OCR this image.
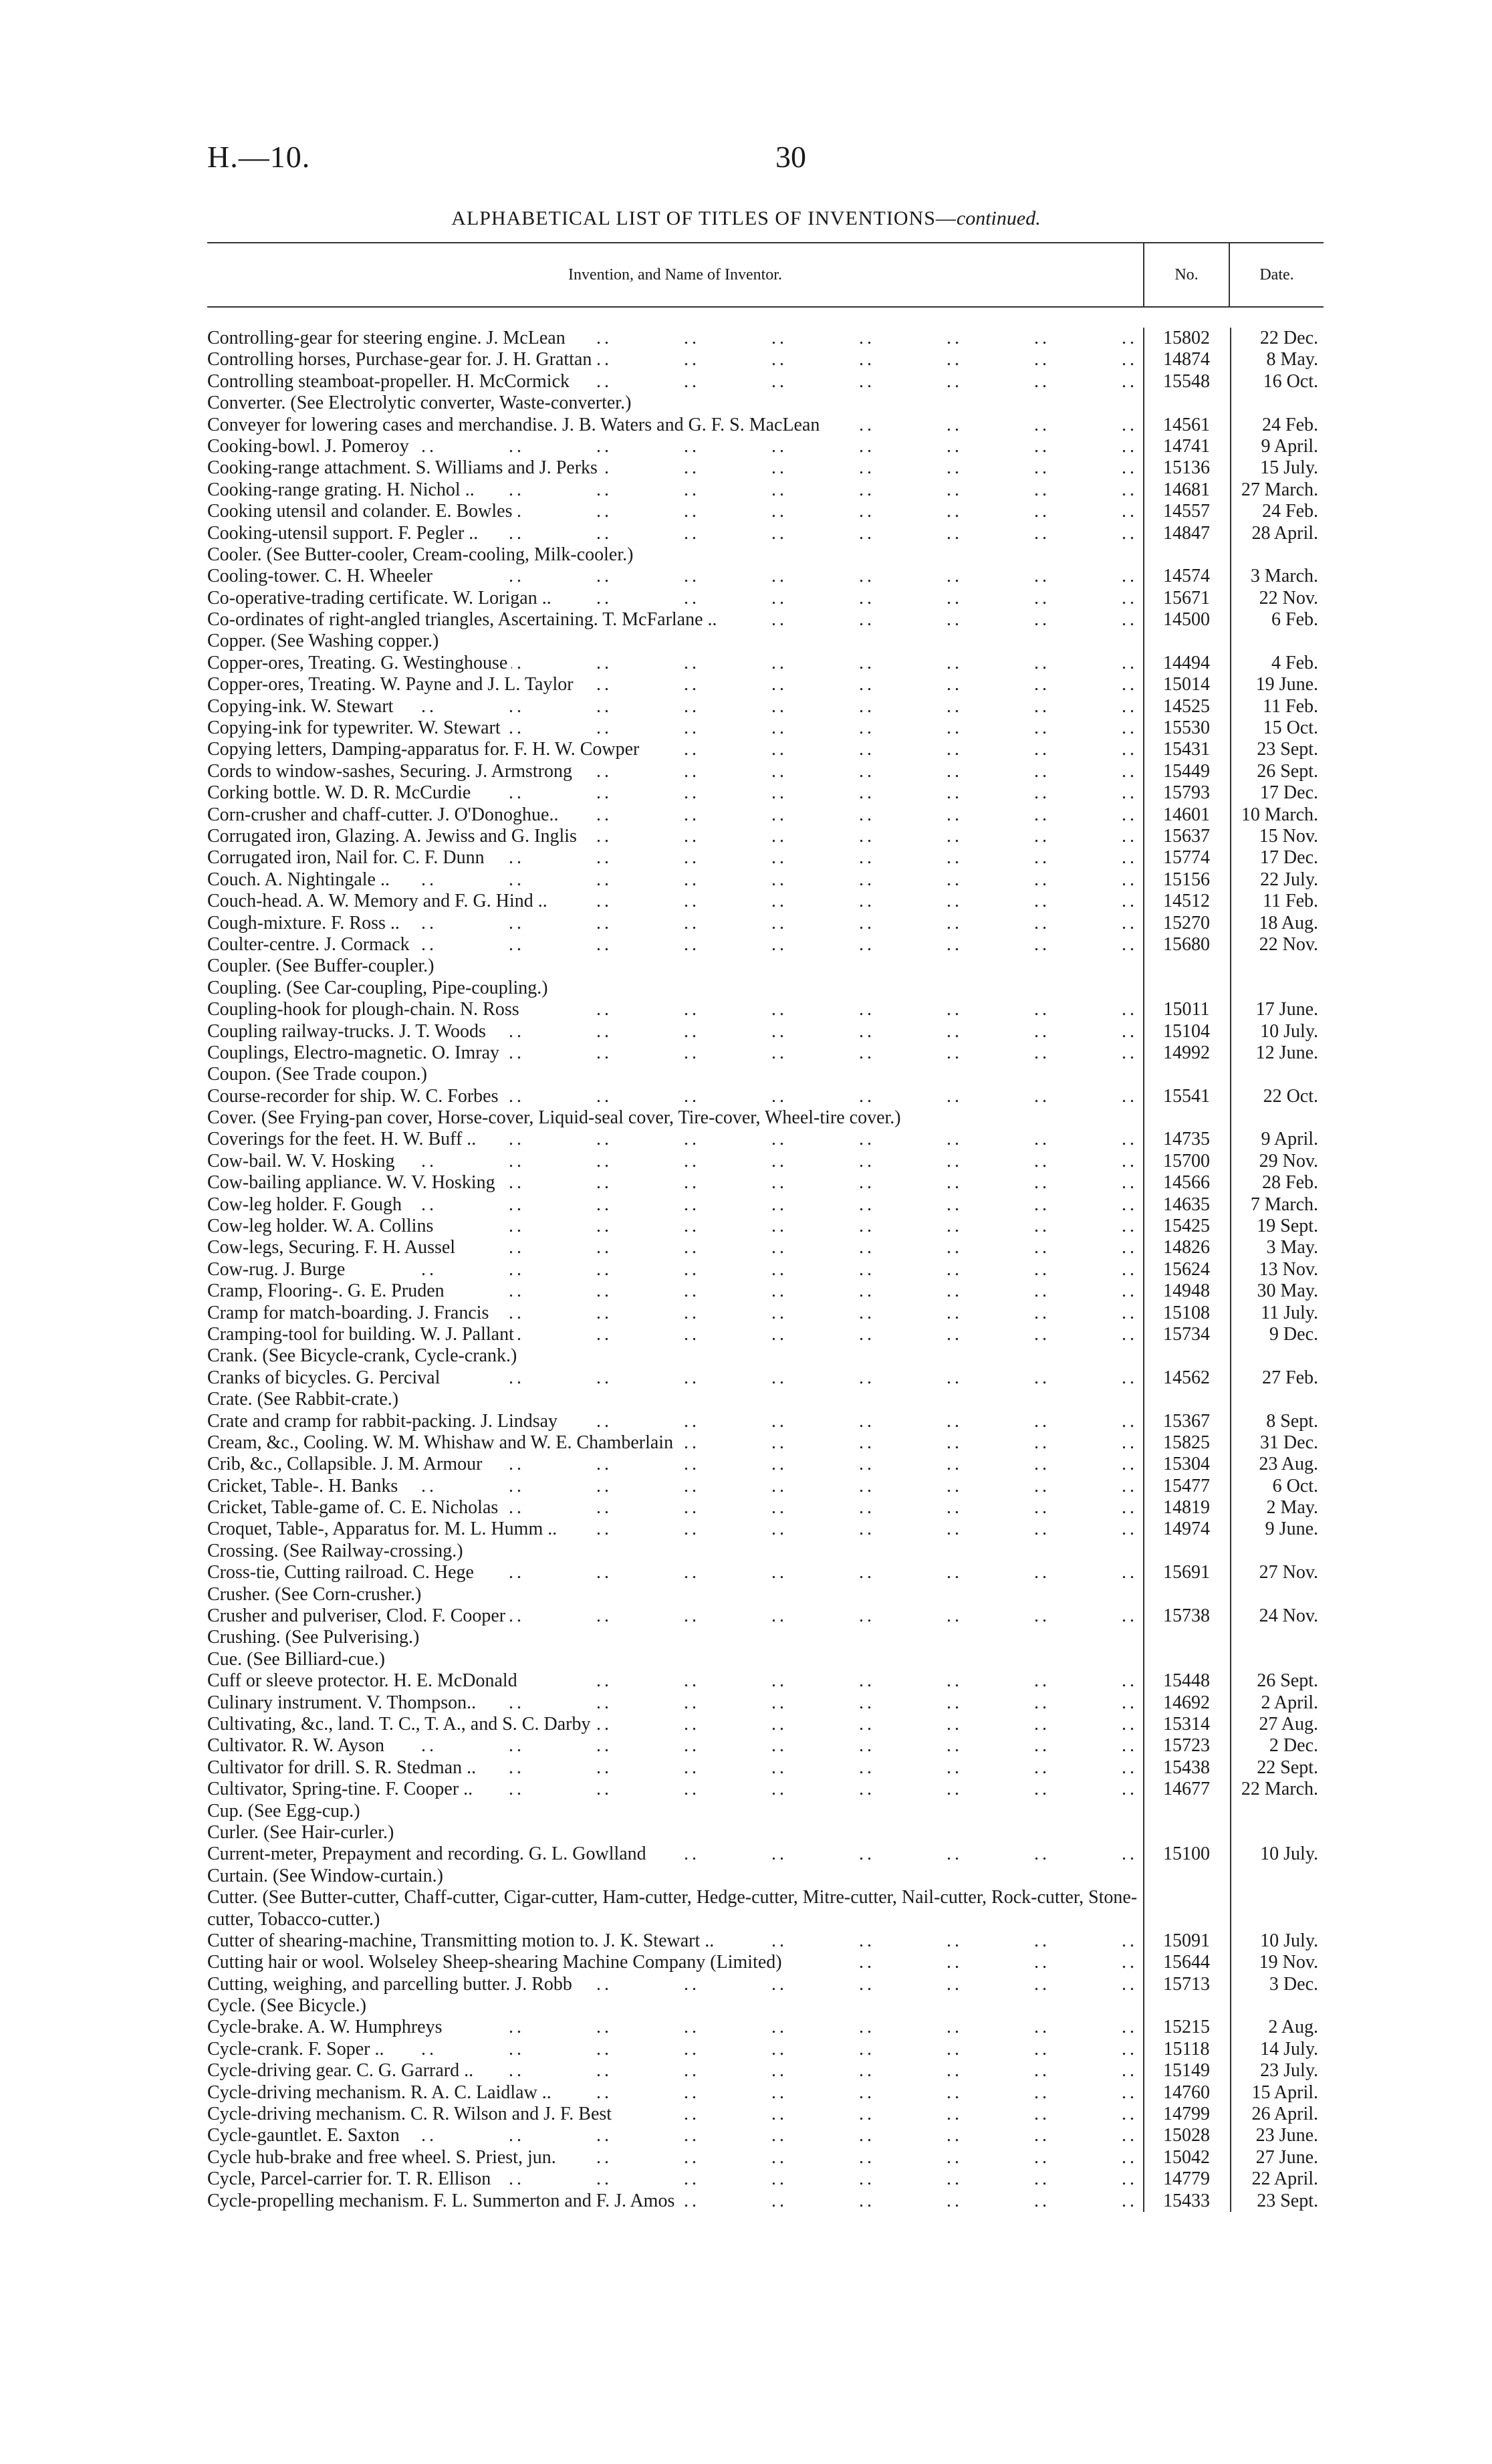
H.—10.	30
ALPHABETICAL LIST OF TITLES OF INVENTIONS—continued.
Invention, and Name of Inventor.	No.	Date.
Controlling-gear for steering engine. J. McLean .. ..	15802	22 Dec.
Controlling horses, Purchase-gear for. J. H. Grattan .. ..	14874	8 May.
Controlling steamboat-propeller. H. McCormick .. ..	15548	16 Oct.
Converter. (See Electrolytic converter, Waste-converter.)
Conveyer for lowering cases and merchandise. J. B. Waters and G. F. S. MacLean .. ..	14561	24 Feb.
Cooking-bowl. J. Pomeroy .. ..	14741	9 April.
Cooking-range attachment. S. Williams and J. Perks .. ..	15136	15 July.
Cooking-range grating. H. Nichol .. .. ..	14681	27 March.
Cooking utensil and colander. E. Bowles .. ..	14557	24 Feb.
Cooking-utensil support. F. Pegler .. .. ..	14847	28 April.
Cooler. (See Butter-cooler, Cream-cooling, Milk-cooler.)
Cooling-tower. C. H. Wheeler .. ..	14574	3 March.
Co-operative-trading certificate. W. Lorigan .. .. ..	15671	22 Nov.
Co-ordinates of right-angled triangles, Ascertaining. T. McFarlane .. .. ..	14500	6 Feb.
Copper. (See Washing copper.)
Copper-ores, Treating. G. Westinghouse .. ..	14494	4 Feb.
Copper-ores, Treating. W. Payne and J. L. Taylor .. ..	15014	19 June.
Copying-ink. W. Stewart .. ..	14525	11 Feb.
Copying-ink for typewriter. W. Stewart .. ..	15530	15 Oct.
Copying letters, Damping-apparatus for. F. H. W. Cowper .. ..	15431	23 Sept.
Cords to window-sashes, Securing. J. Armstrong .. ..	15449	26 Sept.
Corking bottle. W. D. R. McCurdie .. ..	15793	17 Dec.
Corn-crusher and chaff-cutter. J. O'Donoghue.. .. ..	14601	10 March.
Corrugated iron, Glazing. A. Jewiss and G. Inglis .. ..	15637	15 Nov.
Corrugated iron, Nail for. C. F. Dunn .. ..	15774	17 Dec.
Couch. A. Nightingale .. .. ..	15156	22 July.
Couch-head. A. W. Memory and F. G. Hind .. .. ..	14512	11 Feb.
Cough-mixture. F. Ross .. .. ..	15270	18 Aug.
Coulter-centre. J. Cormack .. ..	15680	22 Nov.
Coupler. (See Buffer-coupler.)
Coupling. (See Car-coupling, Pipe-coupling.)
Coupling-hook for plough-chain. N. Ross .. ..	15011	17 June.
Coupling railway-trucks. J. T. Woods .. ..	15104	10 July.
Couplings, Electro-magnetic. O. Imray .. ..	14992	12 June.
Coupon. (See Trade coupon.)
Course-recorder for ship. W. C. Forbes .. ..	15541	22 Oct.
Cover. (See Frying-pan cover, Horse-cover, Liquid-seal cover, Tire-cover, Wheel-tire cover.)
Coverings for the feet. H. W. Buff .. .. ..	14735	9 April.
Cow-bail. W. V. Hosking .. ..	15700	29 Nov.
Cow-bailing appliance. W. V. Hosking .. ..	14566	28 Feb.
Cow-leg holder. F. Gough .. ..	14635	7 March.
Cow-leg holder. W. A. Collins .. ..	15425	19 Sept.
Cow-legs, Securing. F. H. Aussel .. ..	14826	3 May.
Cow-rug. J. Burge .. ..	15624	13 Nov.
Cramp, Flooring-. G. E. Pruden .. ..	14948	30 May.
Cramp for match-boarding. J. Francis .. ..	15108	11 July.
Cramping-tool for building. W. J. Pallant .. ..	15734	9 Dec.
Crank. (See Bicycle-crank, Cycle-crank.)
Cranks of bicycles. G. Percival .. ..	14562	27 Feb.
Crate. (See Rabbit-crate.)
Crate and cramp for rabbit-packing. J. Lindsay .. ..	15367	8 Sept.
Cream, &c., Cooling. W. M. Whishaw and W. E. Chamberlain .. ..	15825	31 Dec.
Crib, &c., Collapsible. J. M. Armour .. ..	15304	23 Aug.
Cricket, Table-. H. Banks .. ..	15477	6 Oct.
Cricket, Table-game of. C. E. Nicholas .. ..	14819	2 May.
Croquet, Table-, Apparatus for. M. L. Humm .. .. ..	14974	9 June.
Crossing. (See Railway-crossing.)
Cross-tie, Cutting railroad. C. Hege .. ..	15691	27 Nov.
Crusher. (See Corn-crusher.)
Crusher and pulveriser, Clod. F. Cooper .. ..	15738	24 Nov.
Crushing. (See Pulverising.)
Cue. (See Billiard-cue.)
Cuff or sleeve protector. H. E. McDonald .. ..	15448	26 Sept.
Culinary instrument. V. Thompson.. .. ..	14692	2 April.
Cultivating, &c., land. T. C., T. A., and S. C. Darby .. ..	15314	27 Aug.
Cultivator. R. W. Ayson .. ..	15723	2 Dec.
Cultivator for drill. S. R. Stedman .. .. ..	15438	22 Sept.
Cultivator, Spring-tine. F. Cooper .. .. ..	14677	22 March.
Cup. (See Egg-cup.)
Curler. (See Hair-curler.)
Current-meter, Prepayment and recording. G. L. Gowlland .. ..	15100	10 July.
Curtain. (See Window-curtain.)
Cutter. (See Butter-cutter, Chaff-cutter, Cigar-cutter, Ham-cutter, Hedge-cutter, Mitre-cutter, Nail-cutter, Rock-cutter, Stone-cutter, Tobacco-cutter.)
Cutter of shearing-machine, Transmitting motion to. J. K. Stewart .. .. ..	15091	10 July.
Cutting hair or wool. Wolseley Sheep-shearing Machine Company (Limited) .. ..	15644	19 Nov.
Cutting, weighing, and parcelling butter. J. Robb .. ..	15713	3 Dec.
Cycle. (See Bicycle.)
Cycle-brake. A. W. Humphreys .. ..	15215	2 Aug.
Cycle-crank. F. Soper .. .. ..	15118	14 July.
Cycle-driving gear. C. G. Garrard .. .. ..	15149	23 July.
Cycle-driving mechanism. R. A. C. Laidlaw .. .. ..	14760	15 April.
Cycle-driving mechanism. C. R. Wilson and J. F. Best .. ..	14799	26 April.
Cycle-gauntlet. E. Saxton .. ..	15028	23 June.
Cycle hub-brake and free wheel. S. Priest, jun. .. ..	15042	27 June.
Cycle, Parcel-carrier for. T. R. Ellison .. ..	14779	22 April.
Cycle-propelling mechanism. F. L. Summerton and F. J. Amos .. ..	15433	23 Sept.
